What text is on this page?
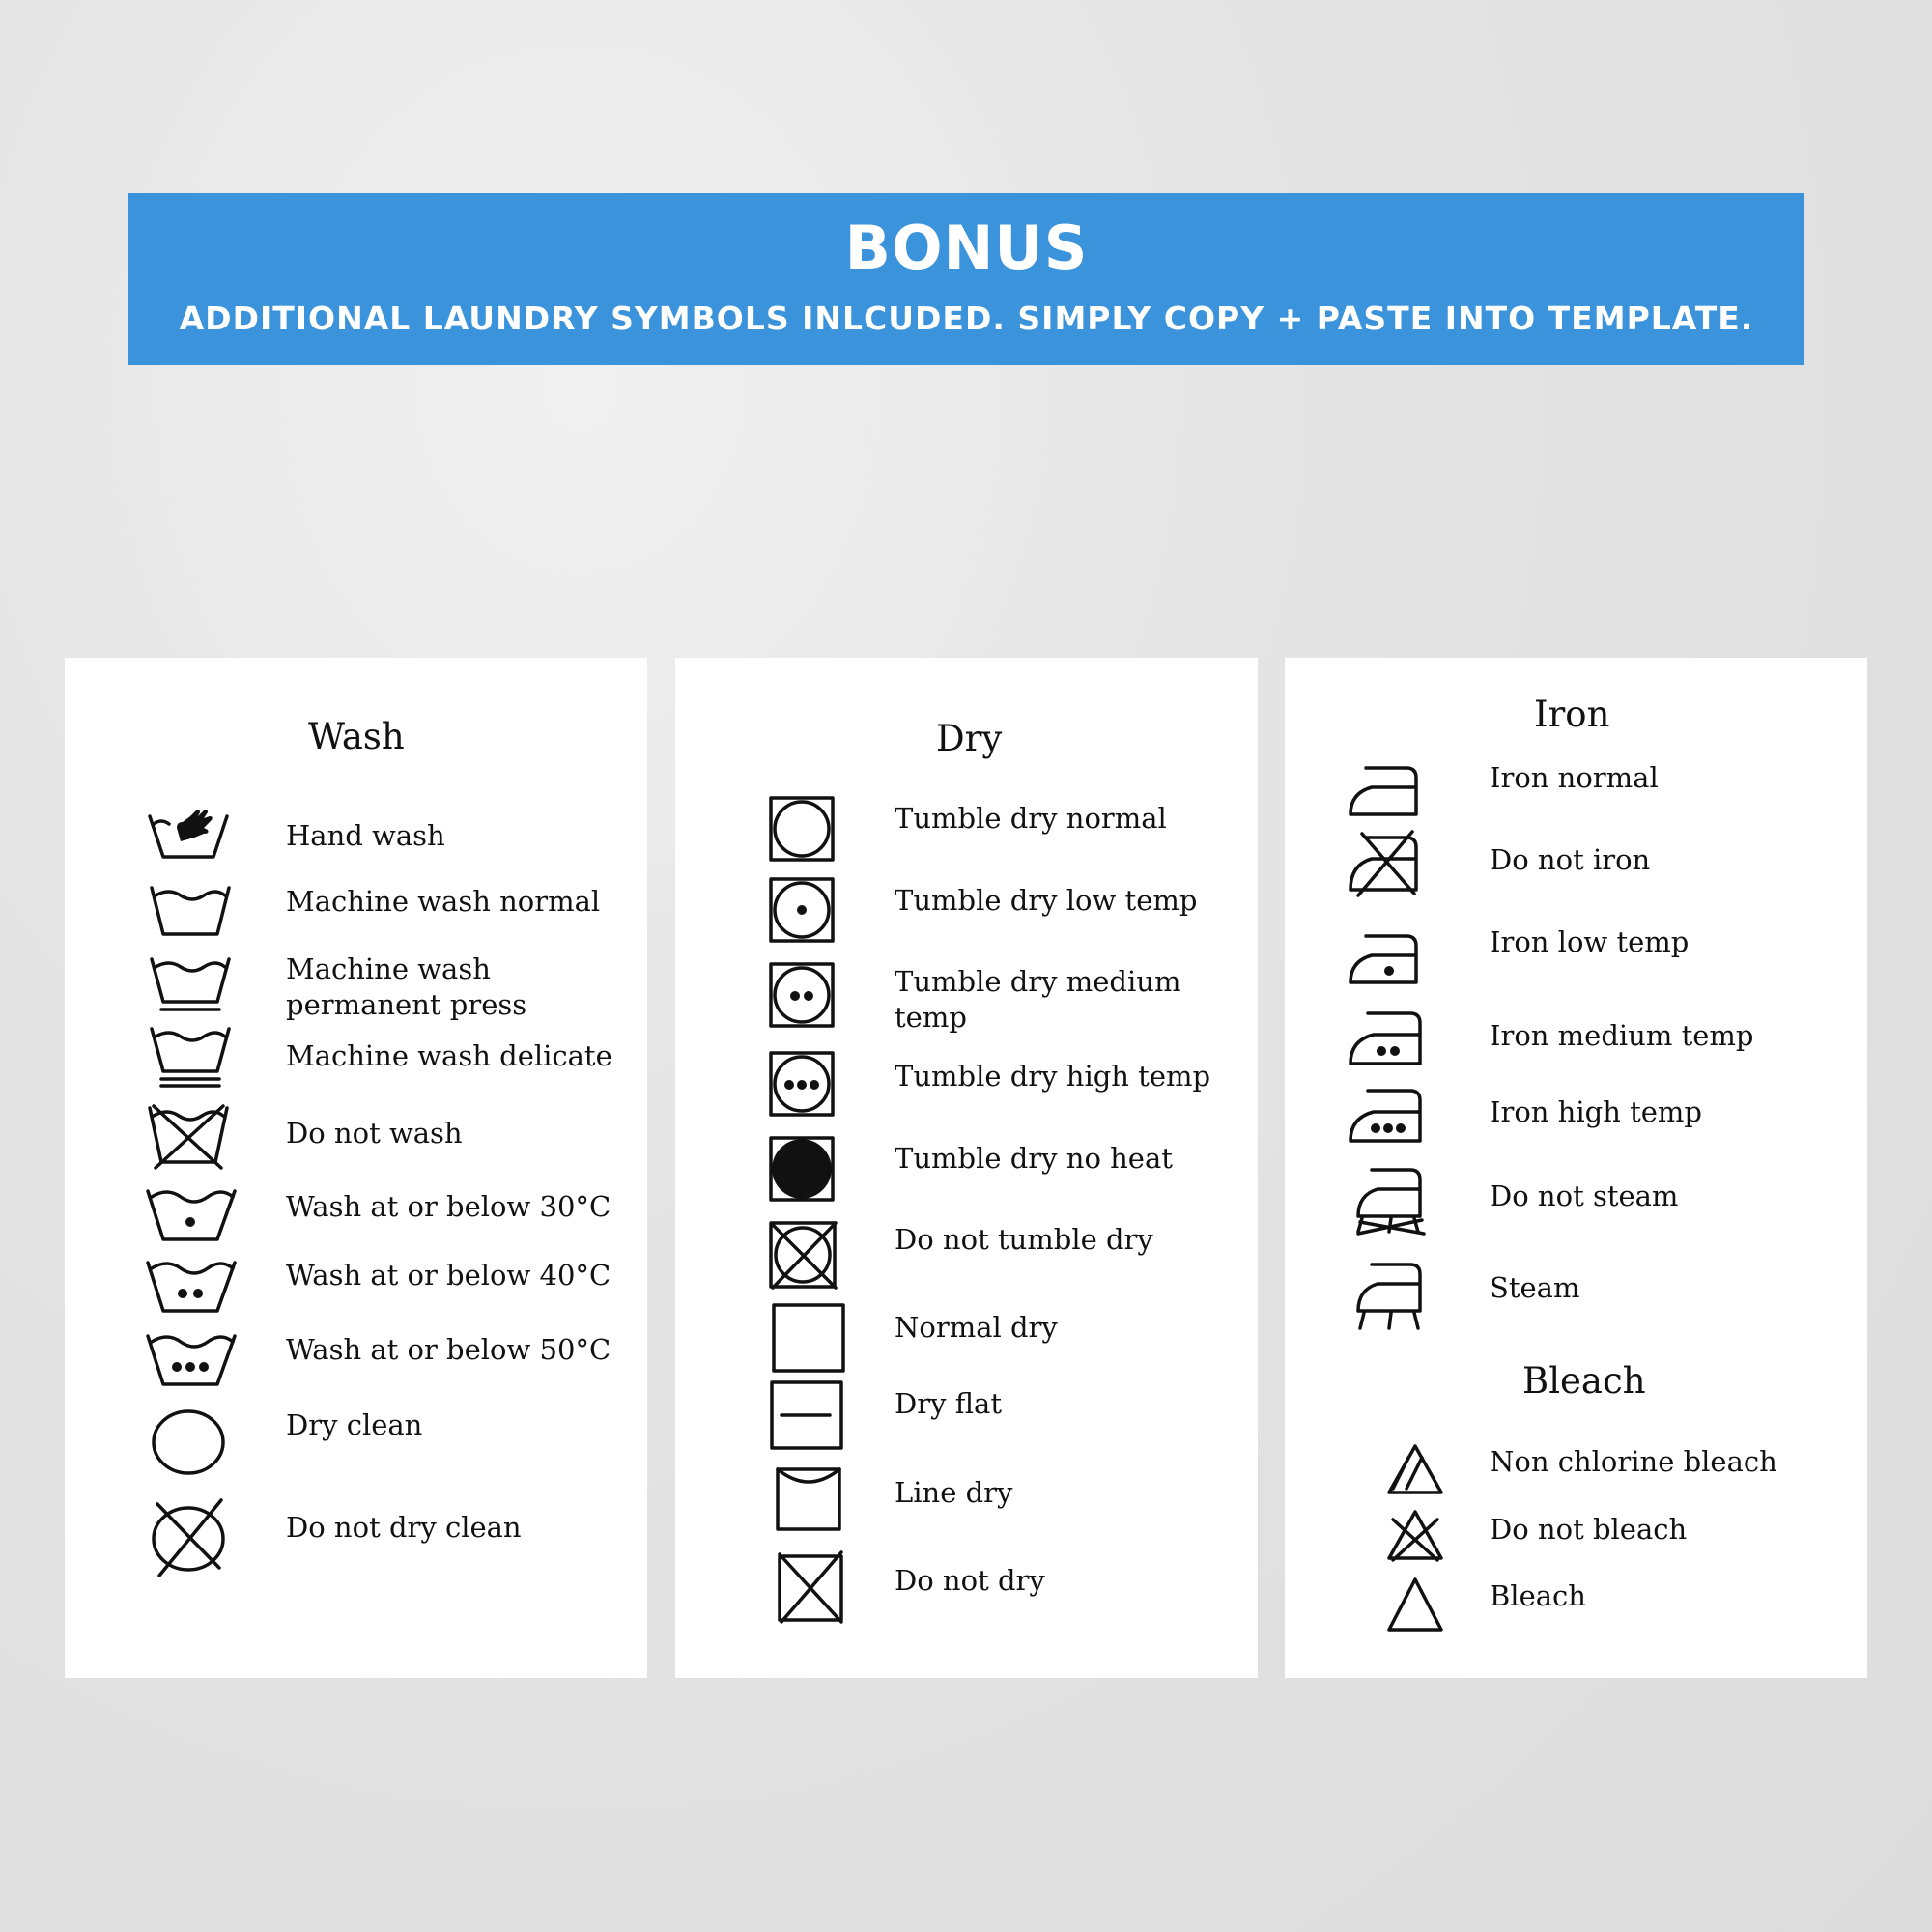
BONUS
ADDITIONAL LAUNDRY SYMBOLS INLCUDED. SIMPLY COPY + PASTE INTO TEMPLATE.
Wash
Hand wash
Machine wash normal
Machine wash
permanent press
Machine wash delicate
Do not wash
Wash at or below 30°C
Wash at or below 40°C
Wash at or below 50°C
Dry clean
Do not dry clean
Dry
Tumble dry normal
Tumble dry low temp
Tumble dry medium
temp
Tumble dry high temp
Tumble dry no heat
Do not tumble dry
Normal dry
Dry flat
Line dry
Do not dry
Iron
Iron normal
Do not iron
Iron low temp
Iron medium temp
Iron high temp
Do not steam
Steam
Bleach
Non chlorine bleach
Do not bleach
Bleach
